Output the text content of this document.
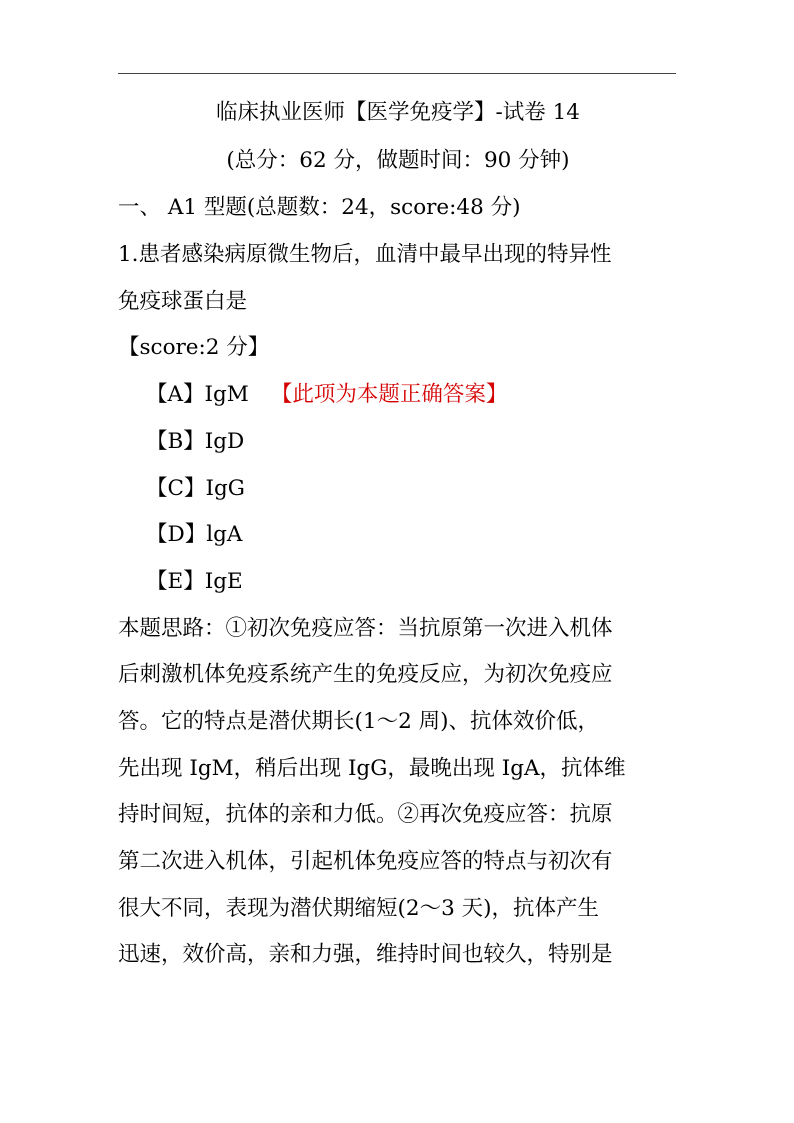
临床执业医师【医学免疫学】-试卷 14
(总分：62 分，做题时间：90 分钟)
一、 A1 型题(总题数：24，score:48 分)
1.患者感染病原微生物后，血清中最早出现的特异性
免疫球蛋白是
【score:2 分】
【A】IgM 【此项为本题正确答案】
【B】IgD
【C】IgG
【D】lgA
【E】IgE
本题思路：①初次免疫应答：当抗原第一次进入机体
后刺激机体免疫系统产生的免疫反应，为初次免疫应
答。它的特点是潜伏期长(1～2 周)、抗体效价低，
先出现 IgM，稍后出现 IgG，最晚出现 IgA，抗体维
持时间短，抗体的亲和力低。②再次免疫应答：抗原
第二次进入机体，引起机体免疫应答的特点与初次有
很大不同，表现为潜伏期缩短(2～3 天)，抗体产生
迅速，效价高，亲和力强，维持时间也较久，特别是
